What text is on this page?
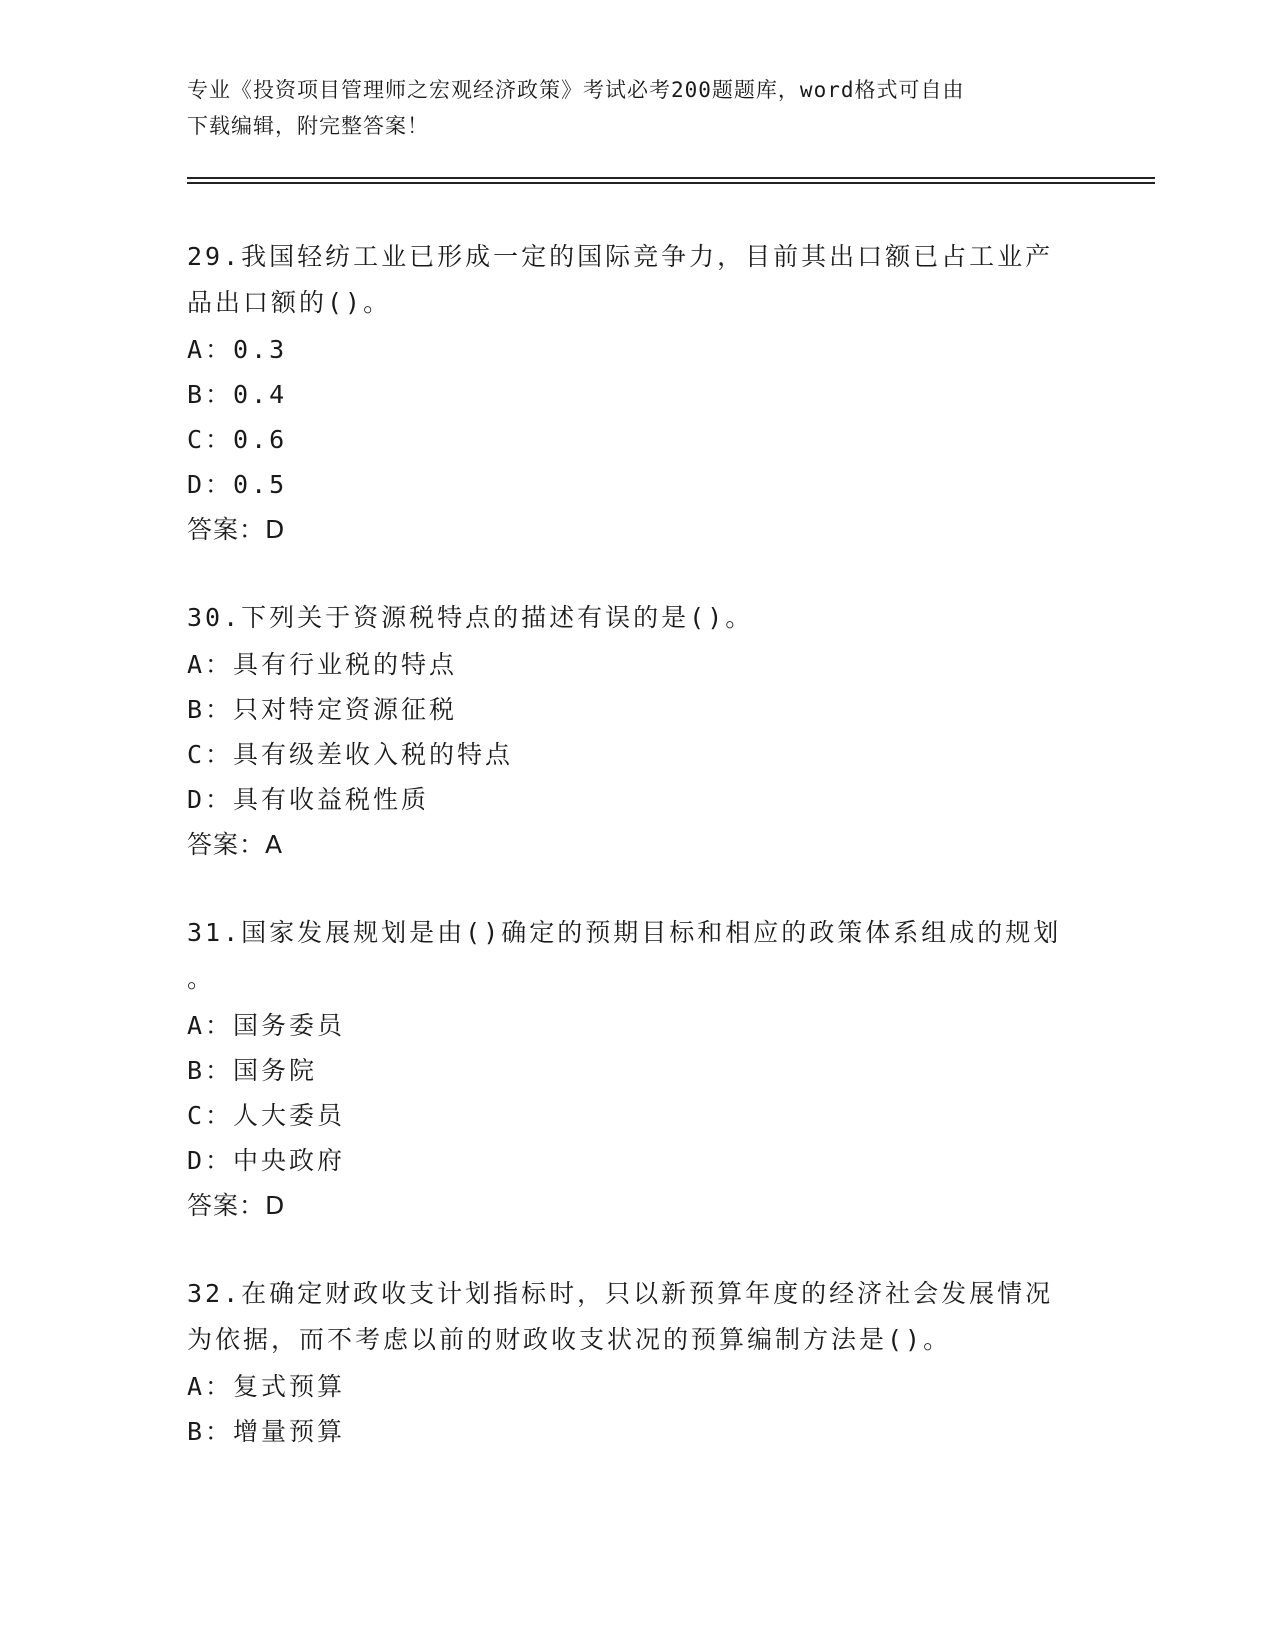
专业《投资项目管理师之宏观经济政策》考试必考200题题库，word格式可自由
下载编辑，附完整答案！
29.我国轻纺工业已形成一定的国际竞争力，目前其出口额已占工业产
品出口额的()。
A：0.3
B：0.4
C：0.6
D：0.5
答案：D
30.下列关于资源税特点的描述有误的是()。
A：具有行业税的特点
B：只对特定资源征税
C：具有级差收入税的特点
D：具有收益税性质
答案：A
31.国家发展规划是由()确定的预期目标和相应的政策体系组成的规划
。
A：国务委员
B：国务院
C：人大委员
D：中央政府
答案：D
32.在确定财政收支计划指标时，只以新预算年度的经济社会发展情况
为依据，而不考虑以前的财政收支状况的预算编制方法是()。
A：复式预算
B：增量预算
